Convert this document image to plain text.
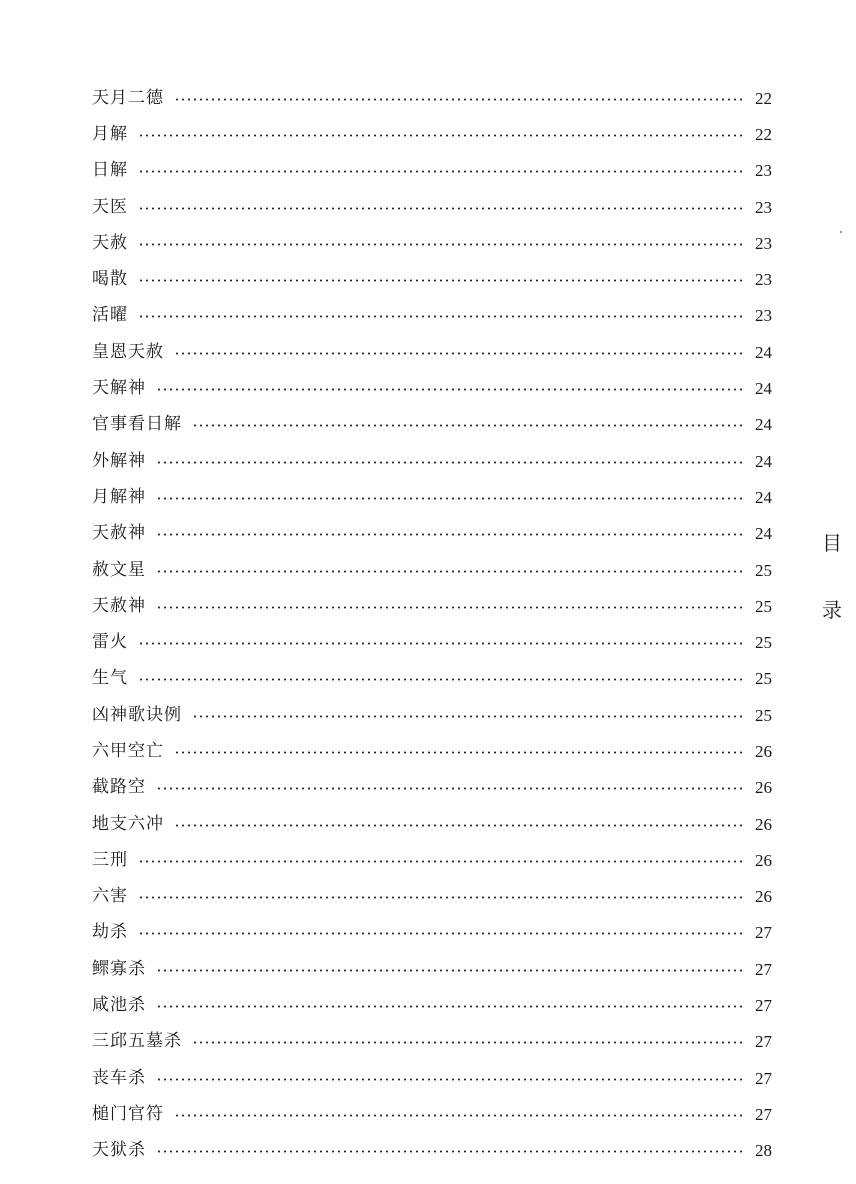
天月二德	22
月解	22
日解	23
天医	23
天赦	23
喝散	23
活曜	23
皇恩天赦	24
天解神	24
官事看日解	24
外解神	24
月解神	24
天赦神	24
赦文星	25
天赦神	25
雷火	25
生气	25
凶神歌诀例	25
六甲空亡	26
截路空	26
地支六冲	26
三刑	26
六害	26
劫杀	27
鳏寡杀	27
咸池杀	27
三邱五墓杀	27
丧车杀	27
槌门官符	27
天狱杀	28
目
录
